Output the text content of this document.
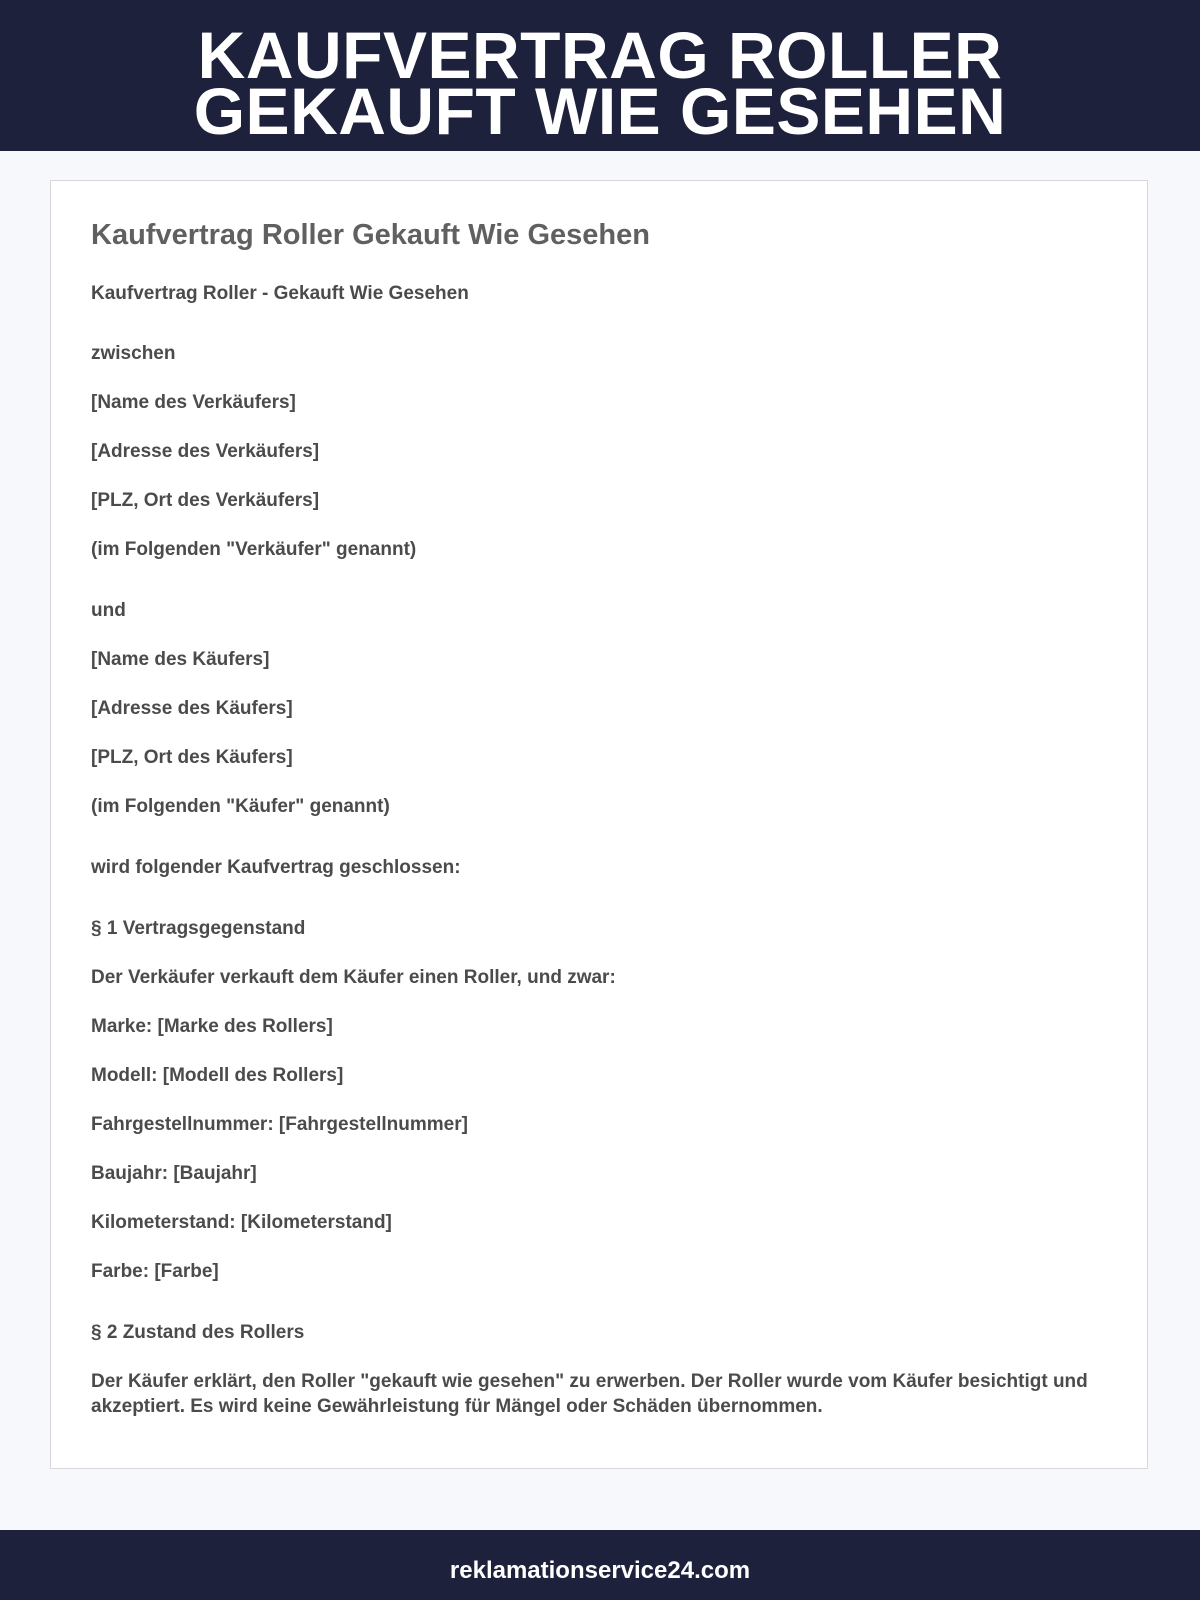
KAUFVERTRAG ROLLER
GEKAUFT WIE GESEHEN
Kaufvertrag Roller Gekauft Wie Gesehen

Kaufvertrag Roller - Gekauft Wie Gesehen

zwischen

[Name des Verkäufers]

[Adresse des Verkäufers]

[PLZ, Ort des Verkäufers]

(im Folgenden "Verkäufer" genannt)

und

[Name des Käufers]

[Adresse des Käufers]

[PLZ, Ort des Käufers]

(im Folgenden "Käufer" genannt)

wird folgender Kaufvertrag geschlossen:

§ 1 Vertragsgegenstand

Der Verkäufer verkauft dem Käufer einen Roller, und zwar:

Marke: [Marke des Rollers]

Modell: [Modell des Rollers]

Fahrgestellnummer: [Fahrgestellnummer]

Baujahr: [Baujahr]

Kilometerstand: [Kilometerstand]

Farbe: [Farbe]

§ 2 Zustand des Rollers

Der Käufer erklärt, den Roller "gekauft wie gesehen" zu erwerben. Der Roller wurde vom Käufer besichtigt und akzeptiert. Es wird keine Gewährleistung für Mängel oder Schäden übernommen.

reklamationservice24.com
